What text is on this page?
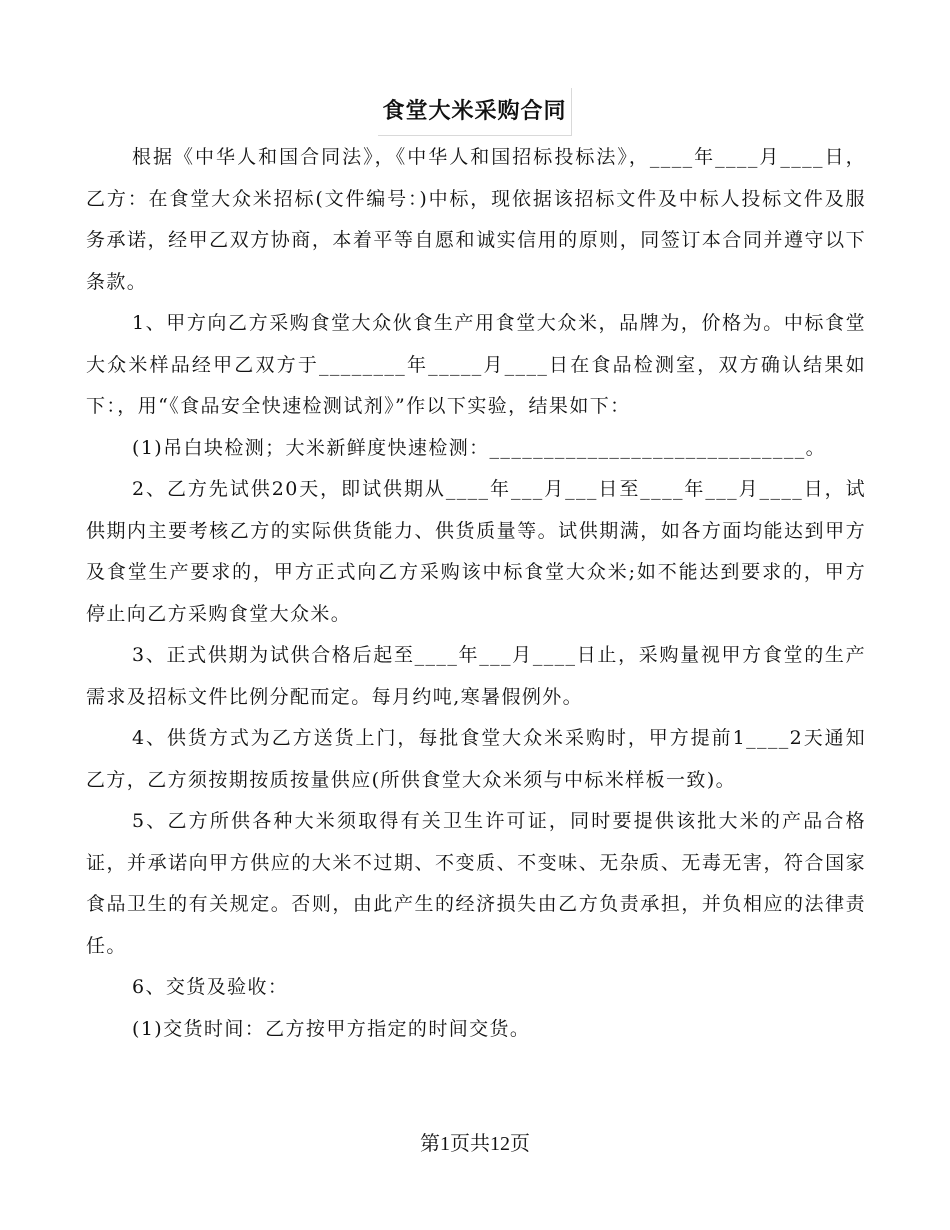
食堂大米采购合同

根据《中华人和国合同法》，《中华人和国招标投标法》，____年____月____日，乙方：在食堂大众米招标(文件编号：)中标，现依据该招标文件及中标人投标文件及服务承诺，经甲乙双方协商，本着平等自愿和诚实信用的原则，同签订本合同并遵守以下条款。

1、甲方向乙方采购食堂大众伙食生产用食堂大众米，品牌为，价格为。中标食堂大众米样品经甲乙双方于________年_____月____日在食品检测室，双方确认结果如下：，用“《食品安全快速检测试剂》”作以下实验，结果如下：

(1)吊白块检测；大米新鲜度快速检测：_____________________________。

2、乙方先试供20天，即试供期从____年___月___日至____年___月____日，试供期内主要考核乙方的实际供货能力、供货质量等。试供期满，如各方面均能达到甲方及食堂生产要求的，甲方正式向乙方采购该中标食堂大众米;如不能达到要求的，甲方停止向乙方采购食堂大众米。

3、正式供期为试供合格后起至____年___月____日止，采购量视甲方食堂的生产需求及招标文件比例分配而定。每月约吨,寒暑假例外。

4、供货方式为乙方送货上门，每批食堂大众米采购时，甲方提前1____2天通知乙方，乙方须按期按质按量供应(所供食堂大众米须与中标米样板一致)。

5、乙方所供各种大米须取得有关卫生许可证，同时要提供该批大米的产品合格证，并承诺向甲方供应的大米不过期、不变质、不变味、无杂质、无毒无害，符合国家食品卫生的有关规定。否则，由此产生的经济损失由乙方负责承担，并负相应的法律责任。

6、交货及验收：

(1)交货时间：乙方按甲方指定的时间交货。

第1页共12页
